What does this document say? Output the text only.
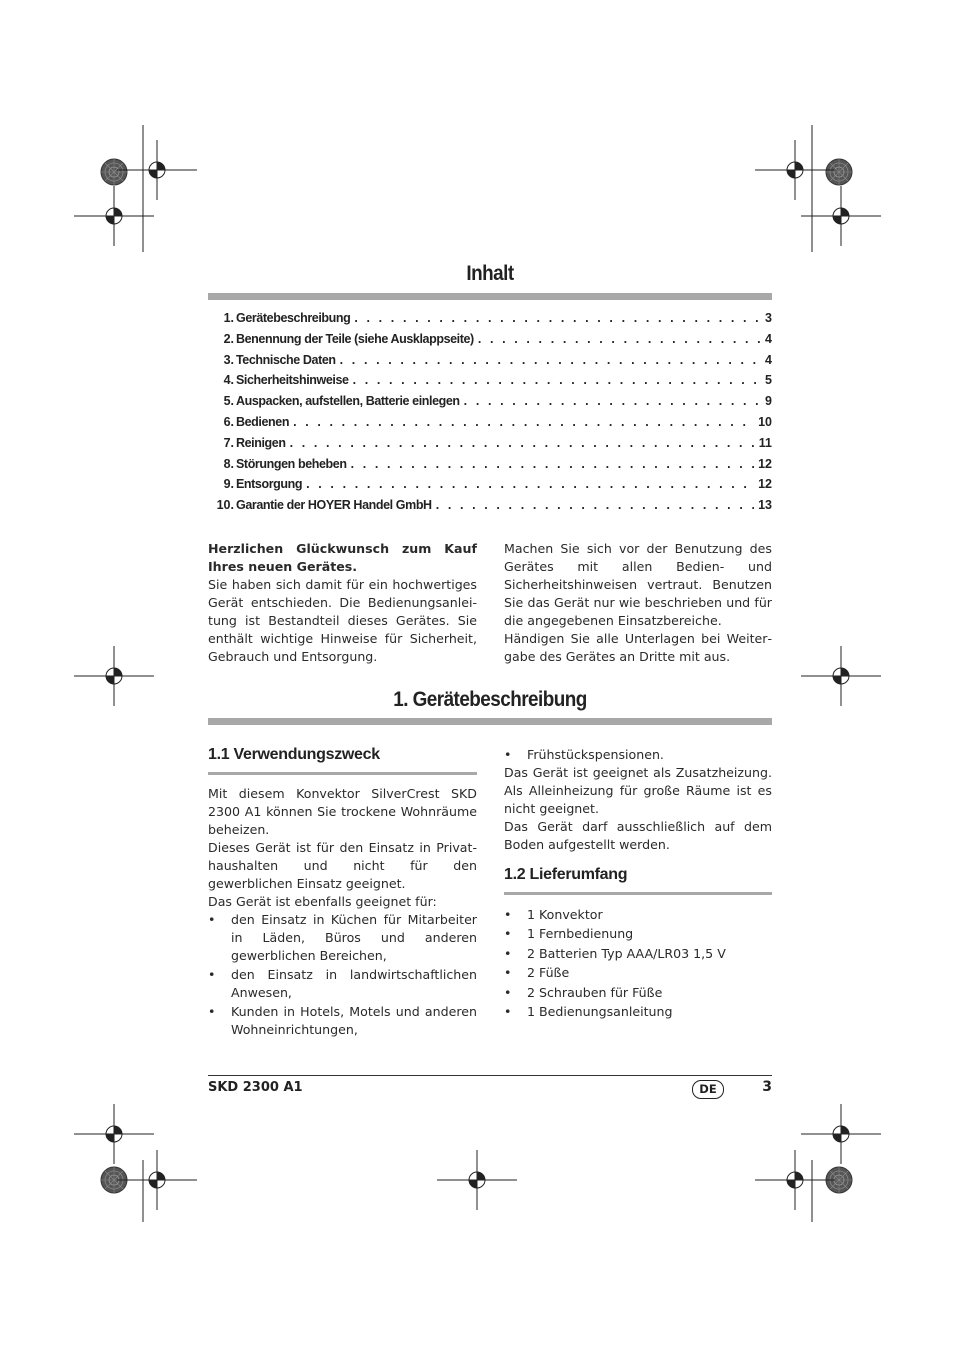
Inhalt
1. Gerätebeschreibung . . .	3
2. Benennung der Teile (siehe Ausklappseite) . . .	4
3. Technische Daten . . .	4
4. Sicherheitshinweise . . .	5
5. Auspacken, aufstellen, Batterie einlegen . . .	9
6. Bedienen . . .	10
7. Reinigen . . .	11
8. Störungen beheben . . .	12
9. Entsorgung . . .	12
10. Garantie der HOYER Handel GmbH . . .	13

Herzlichen Glückwunsch zum Kauf Ihres neuen Gerätes.

Sie haben sich damit für ein hochwertiges Gerät entschieden. Die Bedienungsanleitung ist Bestandteil dieses Gerätes. Sie enthält wichtige Hinweise für Sicherheit, Gebrauch und Entsorgung.

Machen Sie sich vor der Benutzung des Gerätes mit allen Bedien- und Sicherheitshinweisen vertraut. Benutzen Sie das Gerät nur wie beschrieben und für die angegebenen Einsatzbereiche.

Händigen Sie alle Unterlagen bei Weitergabe des Gerätes an Dritte mit aus.

1. Gerätebeschreibung
1.1 Verwendungszweck

Mit diesem Konvektor SilverCrest SKD 2300 A1 können Sie trockene Wohnräume beheizen.

Dieses Gerät ist für den Einsatz in Privathaushalten und nicht für den gewerblichen Einsatz geeignet.

Das Gerät ist ebenfalls geeignet für:

• den Einsatz in Küchen für Mitarbeiter in Läden, Büros und anderen gewerblichen Bereichen,
• den Einsatz in landwirtschaftlichen Anwesen,
• Kunden in Hotels, Motels und anderen Wohneinrichtungen,
• Frühstückspensionen.

Das Gerät ist geeignet als Zusatzheizung. Als Alleinheizung für große Räume ist es nicht geeignet.

Das Gerät darf ausschließlich auf dem Boden aufgestellt werden.

1.2 Lieferumfang
• 1 Konvektor
• 1 Fernbedienung
• 2 Batterien Typ AAA/LR03 1,5 V
• 2 Füße
• 2 Schrauben für Füße
• 1 Bedienungsanleitung
SKD 2300 A1	DE	3
